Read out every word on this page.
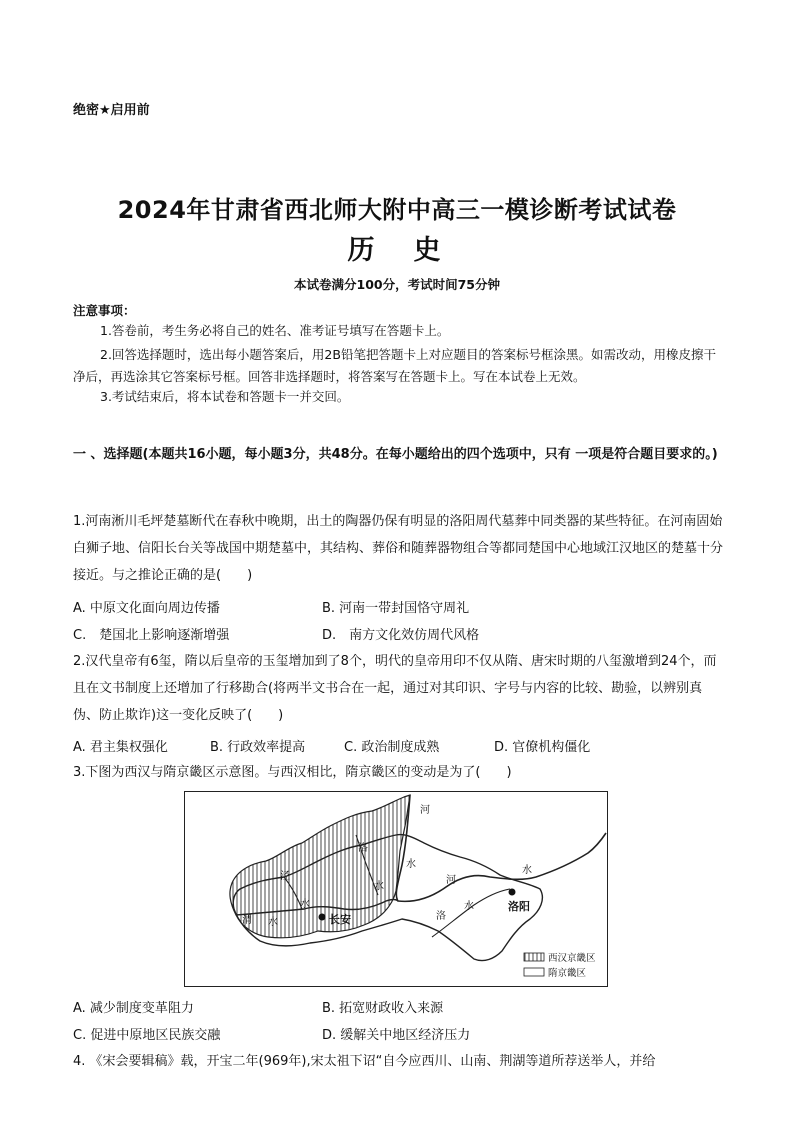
绝密★启用前
2024年甘肃省西北师大附中高三一模诊断考试试卷
历　史
本试卷满分100分，考试时间75分钟
注意事项：
1.答卷前，考生务必将自己的姓名、准考证号填写在答题卡上。
2.回答选择题时，选出每小题答案后，用2B铅笔把答题卡上对应题目的答案标号框涂黑。如需改动，用橡皮擦干净后，再选涂其它答案标号框。回答非选择题时，将答案写在答题卡上。写在本试卷上无效。
3.考试结束后，将本试卷和答题卡一并交回。
一 、选择题(本题共16小题，每小题3分，共48分。在每小题给出的四个选项中，只有 一项是符合题目要求的。)
1.河南淅川毛坪楚墓断代在春秋中晚期，出土的陶器仍保有明显的洛阳周代墓葬中同类器的某些特征。在河南固始白狮子地、信阳长台关等战国中期楚墓中，其结构、葬俗和随葬器物组合等都同楚国中心地域江汉地区的楚墓十分接近。与之推论正确的是(　　)
A. 中原文化面向周边传播	B. 河南一带封国恪守周礼
C.　楚国北上影响逐渐增强	D.　南方文化效仿周代风格
2.汉代皇帝有6玺，隋以后皇帝的玉玺增加到了8个，明代的皇帝用印不仅从隋、唐宋时期的八玺激增到24个，而且在文书制度上还增加了行移勘合(将两半文书合在一起，通过对其印识、字号与内容的比较、勘验，以辨别真伪、防止欺诈)这一变化反映了(　　)
A. 君主集权强化	B. 行政效率提高	C. 政治制度成熟	D. 官僚机构僵化
3.下图为西汉与隋京畿区示意图。与西汉相比，隋京畿区的变动是为了(　　)
长安
洛阳
河
洛
水
渭 水
泾
水
河
水
洛
水
水
西汉京畿区
隋京畿区
A. 减少制度变革阻力	B. 拓宽财政收入来源
C. 促进中原地区民族交融	D. 缓解关中地区经济压力
4. 《宋会要辑稿》载，开宝二年(969年),宋太祖下诏“自今应西川、山南、荆湖等道所荐送举人，并给
